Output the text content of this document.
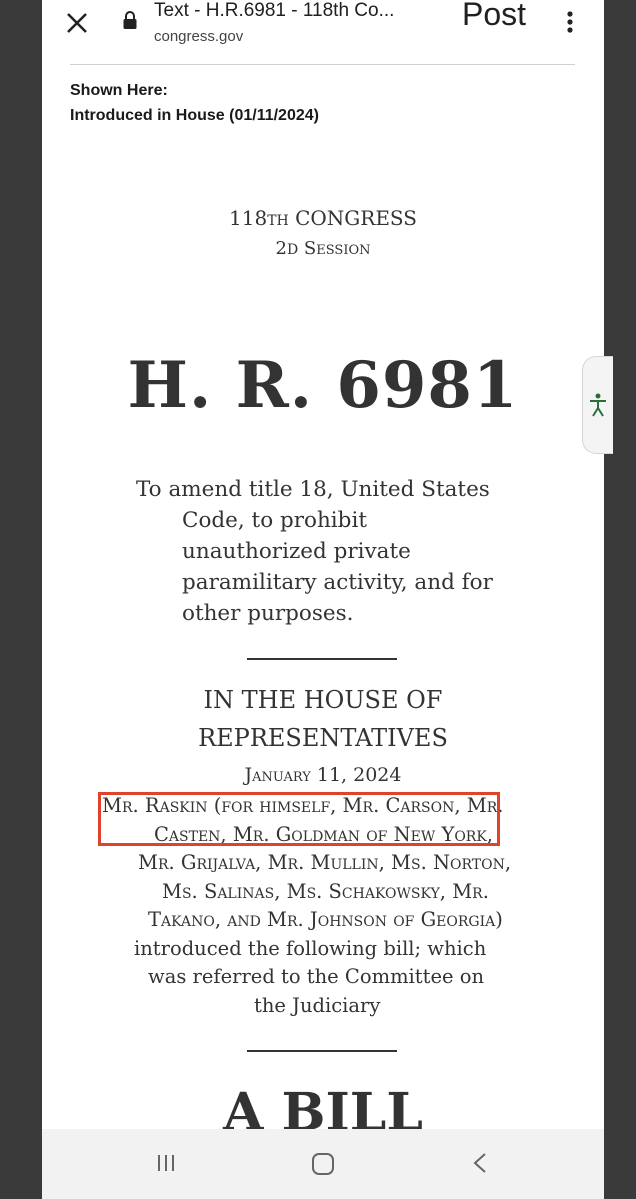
Text - H.R.6981 - 118th Co...
congress.gov
Post
Shown Here:
Introduced in House (01/11/2024)
118TH CONGRESS
2D Session
H. R. 6981
To amend title 18, United States
Code, to prohibit
unauthorized private
paramilitary activity, and for
other purposes.
IN THE HOUSE OF
REPRESENTATIVES
January 11, 2024
Mr. Raskin (for himself, Mr. Carson, Mr.
Casten, Mr. Goldman of New York,
Mr. Grijalva, Mr. Mullin, Ms. Norton,
Ms. Salinas, Ms. Schakowsky, Mr.
Takano, and Mr. Johnson of Georgia)
introduced the following bill; which
was referred to the Committee on
the Judiciary
A BILL
